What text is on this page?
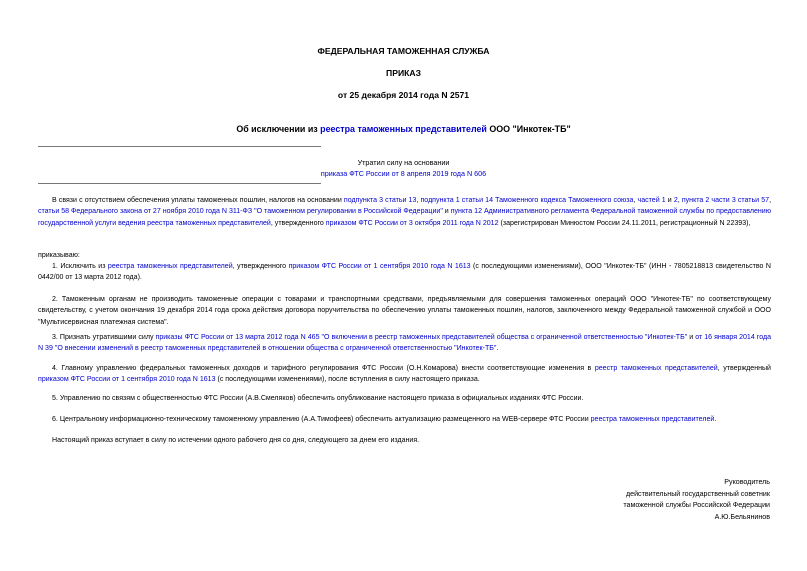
ФЕДЕРАЛЬНАЯ ТАМОЖЕННАЯ СЛУЖБА
ПРИКАЗ
от 25 декабря 2014 года N 2571
Об исключении из реестра таможенных представителей ООО "Инкотек-ТБ"
Утратил силу на основании
приказа ФТС России от 8 апреля 2019 года N 606
В связи с отсутствием обеспечения уплаты таможенных пошлин, налогов на основании подпункта 3 статьи 13, подпункта 1 статьи 14 Таможенного кодекса Таможенного союза, частей 1 и 2, пункта 2 части 3 статьи 57, статьи 58 Федерального закона от 27 ноября 2010 года N 311-ФЗ "О таможенном регулировании в Российской Федерации" и пункта 12 Административного регламента Федеральной таможенной службы по предоставлению государственной услуги ведения реестра таможенных представителей, утвержденного приказом ФТС России от 3 октября 2011 года N 2012 (зарегистрирован Минюстом России 24.11.2011, регистрационный N 22393),
приказываю:
1. Исключить из реестра таможенных представителей, утвержденного приказом ФТС России от 1 сентября 2010 года N 1613 (с последующими изменениями), ООО "Инкотек-ТБ" (ИНН - 7805218813 свидетельство N 0442/00 от 13 марта 2012 года).
2. Таможенным органам не производить таможенные операции с товарами и транспортными средствами, предъявляемыми для совершения таможенных операций ООО "Инкотек-ТБ" по соответствующему свидетельству, с учетом окончания 19 декабря 2014 года срока действия договора поручительства по обеспечению уплаты таможенных пошлин, налогов, заключенного между Федеральной таможенной службой и ООО "Мультисервисная платежная система".
3. Признать утратившими силу приказы ФТС России от 13 марта 2012 года N 465 "О включении в реестр таможенных представителей общества с ограниченной ответственностью "Инкотек-ТБ" и от 16 января 2014 года N 39 "О внесении изменений в реестр таможенных представителей в отношении общества с ограниченной ответственностью "Инкотек-ТБ".
4. Главному управлению федеральных таможенных доходов и тарифного регулирования ФТС России (О.Н.Комарова) внести соответствующие изменения в реестр таможенных представителей, утвержденный приказом ФТС России от 1 сентября 2010 года N 1613 (с последующими изменениями), после вступления в силу настоящего приказа.
5. Управлению по связям с общественностью ФТС России (А.В.Смеляков) обеспечить опубликование настоящего приказа в официальных изданиях ФТС России.
6. Центральному информационно-техническому таможенному управлению (А.А.Тимофеев) обеспечить актуализацию размещенного на WEB-сервере ФТС России реестра таможенных представителей.
Настоящий приказ вступает в силу по истечении одного рабочего дня со дня, следующего за днем его издания.
Руководитель
действительный государственный советник
таможенной службы Российской Федерации
А.Ю.Бельянинов
